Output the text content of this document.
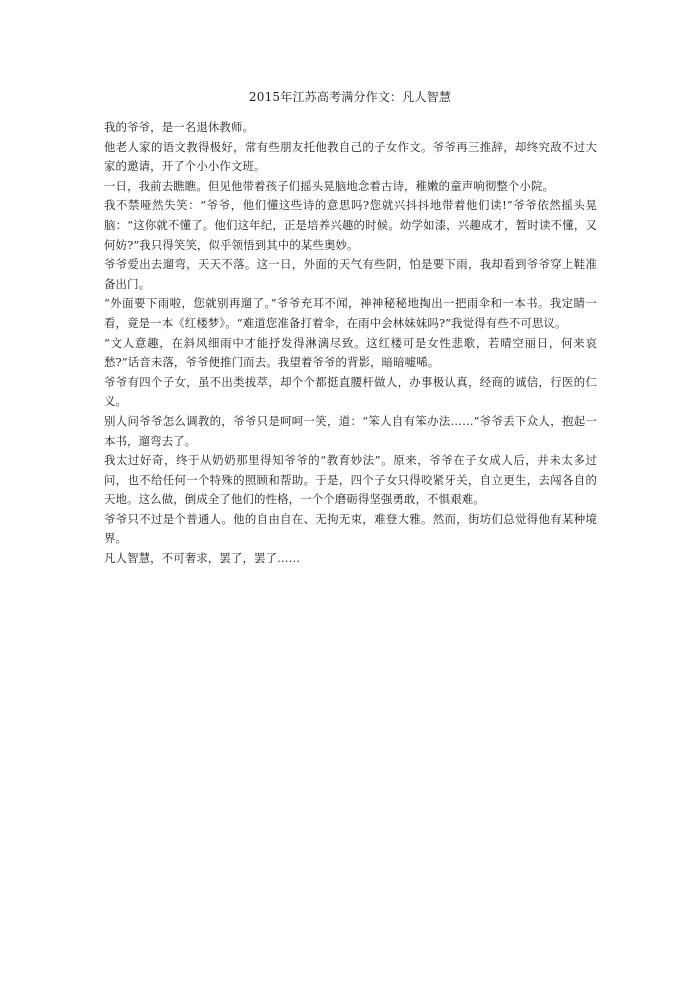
2015年江苏高考满分作文：凡人智慧

我的爷爷，是一名退休教师。

他老人家的语文教得极好，常有些朋友托他教自己的子女作文。爷爷再三推辞，却终究敌不过大家的邀请，开了个小小作文班。

一日，我前去瞧瞧。但见他带着孩子们摇头晃脑地念着古诗，稚嫩的童声响彻整个小院。

我不禁哑然失笑：“爷爷，他们懂这些诗的意思吗?您就兴抖抖地带着他们读!”爷爷依然摇头晃脑：“这你就不懂了。他们这年纪，正是培养兴趣的时候。幼学如漆，兴趣成才，暂时读不懂，又何妨?”我只得笑笑，似乎领悟到其中的某些奥妙。

爷爷爱出去遛弯，天天不落。这一日，外面的天气有些阴，怕是要下雨，我却看到爷爷穿上鞋准备出门。

“外面要下雨啦，您就别再遛了。”爷爷充耳不闻，神神秘秘地掏出一把雨伞和一本书。我定睛一看，竟是一本《红楼梦》。“难道您准备打着伞，在雨中会林妹妹吗?”我觉得有些不可思议。

“文人意趣，在斜风细雨中才能抒发得淋漓尽致。这红楼可是女性悲歌，若晴空丽日，何来哀愁?”话音未落，爷爷便推门而去。我望着爷爷的背影，暗暗嘘唏。

爷爷有四个子女，虽不出类拔萃，却个个都挺直腰杆做人，办事极认真，经商的诚信，行医的仁义。

别人问爷爷怎么调教的，爷爷只是呵呵一笑，道：“笨人自有笨办法……”爷爷丢下众人，抱起一本书，遛弯去了。

我太过好奇，终于从奶奶那里得知爷爷的“教育妙法”。原来，爷爷在子女成人后，并未太多过问，也不给任何一个特殊的照顾和帮助。于是，四个子女只得咬紧牙关，自立更生，去闯各自的天地。这么做，倒成全了他们的性格，一个个磨砺得坚强勇敢，不惧艰难。

爷爷只不过是个普通人。他的自由自在、无拘无束，难登大雅。然而，街坊们总觉得他有某种境界。

凡人智慧，不可奢求，罢了，罢了……
